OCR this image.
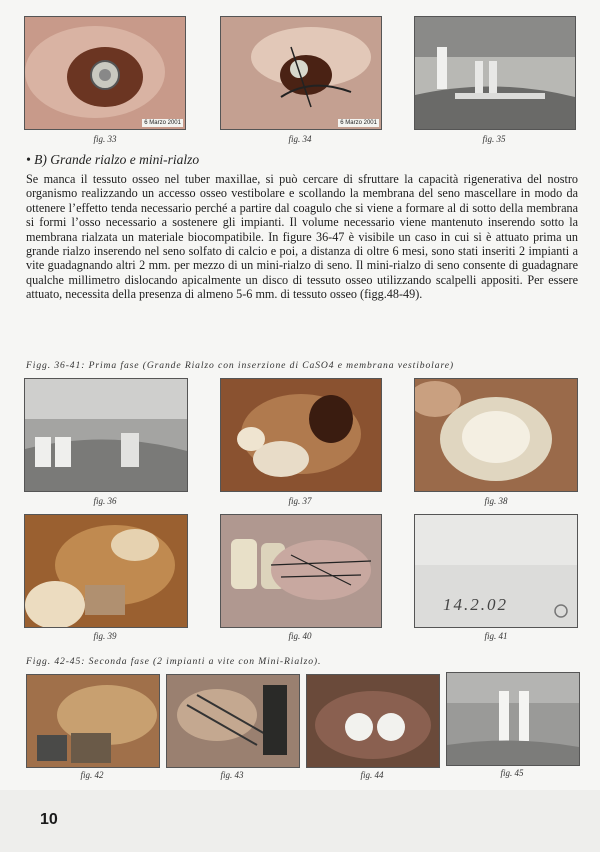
6 Marzo 2001
fig. 33
6 Marzo 2001
fig. 34	fig. 35
• B) Grande rialzo e mini-rialzo
Se manca il tessuto osseo nel tuber maxillae, si può cercare di sfruttare la capacità rigenerativa del nostro organismo realizzando un accesso osseo vestibolare e scollando la membrana del seno mascellare in modo da ottenere l’effetto tenda necessario perché a partire dal coagulo che si viene a formare al di sotto della membrana si formi l’osso necessario a sostenere gli impianti. Il volume necessario viene mantenuto inserendo sotto la membrana rialzata un materiale biocompatibile. In figure 36-47 è visibile un caso in cui si è attuato prima un grande rialzo inserendo nel seno solfato di calcio e poi, a distanza di oltre 6 mesi, sono stati inseriti 2 impianti a vite guadagnando altri 2 mm. per mezzo di un mini-rialzo di seno. Il mini-rialzo di seno consente di guadagnare qualche millimetro dislocando apicalmente un disco di tessuto osseo utilizzando scalpelli appositi. Per essere attuato, necessita della presenza di almeno 5-6 mm. di tessuto osseo (figg.48-49).
Figg. 36-41: Prima fase (Grande Rialzo con inserzione di CaSO4 e membrana vestibolare)
fig. 36	fig. 37	fig. 38
fig. 39	fig. 40
14.2.02
fig. 41
Figg. 42-45: Seconda fase (2 impianti a vite con Mini-Rialzo).
fig. 42	fig. 43	fig. 44	fig. 45
10
